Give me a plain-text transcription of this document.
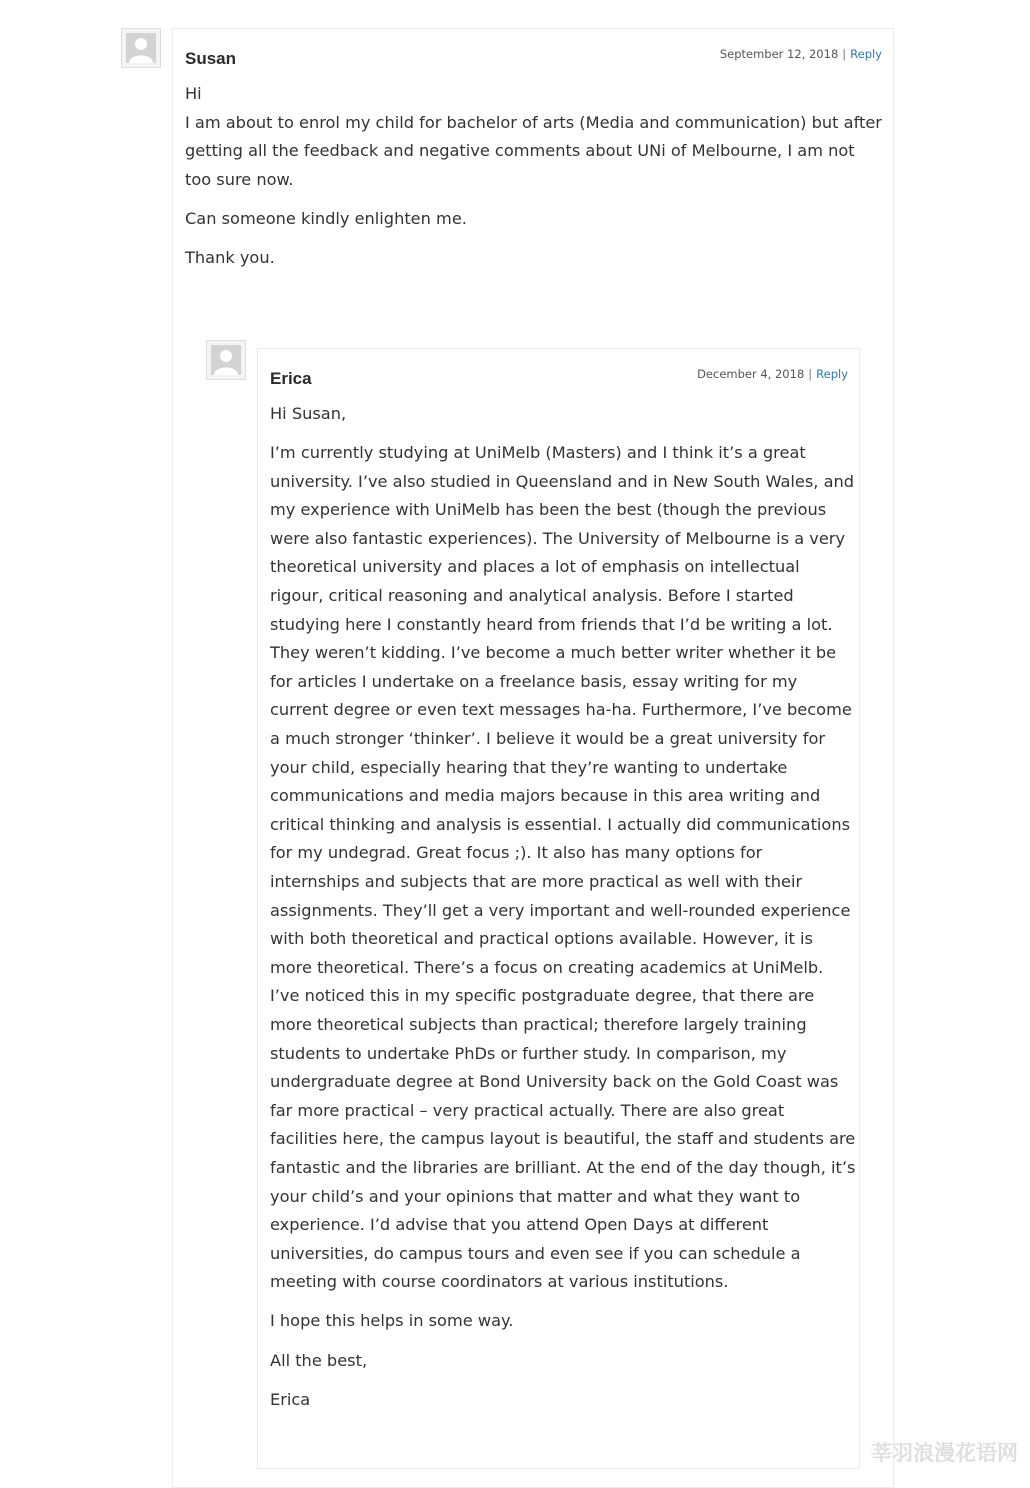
Susan	September 12, 2018 | Reply

Hi
I am about to enrol my child for bachelor of arts (Media and communication) but after getting all the feedback and negative comments about UNi of Melbourne, I am not too sure now.

Can someone kindly enlighten me.

Thank you.

Erica	December 4, 2018 | Reply

Hi Susan,

I’m currently studying at UniMelb (Masters) and I think it’s a great university. I’ve also studied in Queensland and in New South Wales, and my experience with UniMelb has been the best (though the previous were also fantastic experiences). The University of Melbourne is a very theoretical university and places a lot of emphasis on intellectual rigour, critical reasoning and analytical analysis. Before I started studying here I constantly heard from friends that I’d be writing a lot. They weren’t kidding. I’ve become a much better writer whether it be for articles I undertake on a freelance basis, essay writing for my current degree or even text messages ha-ha. Furthermore, I’ve become a much stronger ‘thinker’. I believe it would be a great university for your child, especially hearing that they’re wanting to undertake communications and media majors because in this area writing and critical thinking and analysis is essential. I actually did communications for my undegrad. Great focus ;). It also has many options for internships and subjects that are more practical as well with their assignments. They’ll get a very important and well-rounded experience with both theoretical and practical options available. However, it is more theoretical. There’s a focus on creating academics at UniMelb. I’ve noticed this in my specific postgraduate degree, that there are more theoretical subjects than practical; therefore largely training students to undertake PhDs or further study. In comparison, my undergraduate degree at Bond University back on the Gold Coast was far more practical – very practical actually. There are also great facilities here, the campus layout is beautiful, the staff and students are fantastic and the libraries are brilliant. At the end of the day though, it’s your child’s and your opinions that matter and what they want to experience. I’d advise that you attend Open Days at different universities, do campus tours and even see if you can schedule a meeting with course coordinators at various institutions.

I hope this helps in some way.

All the best,

Erica

莘羽浪漫花语网
